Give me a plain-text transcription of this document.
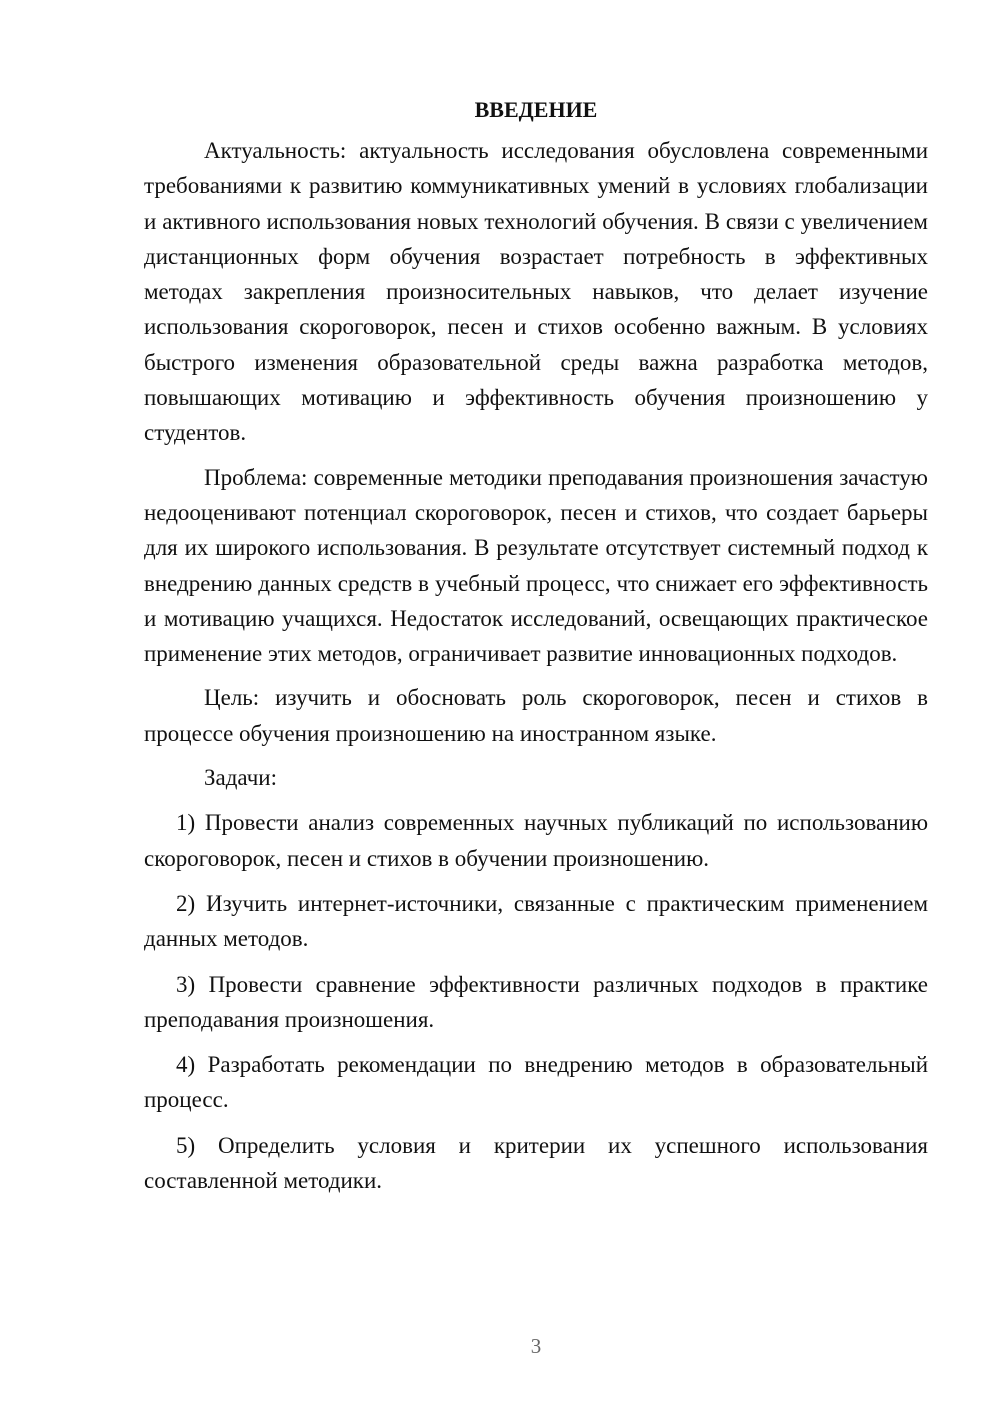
ВВЕДЕНИЕ

Актуальность: актуальность исследования обусловлена современными требованиями к развитию коммуникативных умений в условиях глобализации и активного использования новых технологий обучения. В связи с увеличением дистанционных форм обучения возрастает потребность в эффективных методах закрепления произносительных навыков, что делает изучение использования скороговорок, песен и стихов особенно важным. В условиях быстрого изменения образовательной среды важна разработка методов, повышающих мотивацию и эффективность обучения произношению у студентов.

Проблема: современные методики преподавания произношения зачастую недооценивают потенциал скороговорок, песен и стихов, что создает барьеры для их широкого использования. В результате отсутствует системный подход к внедрению данных средств в учебный процесс, что снижает его эффективность и мотивацию учащихся. Недостаток исследований, освещающих практическое применение этих методов, ограничивает развитие инновационных подходов.

Цель: изучить и обосновать роль скороговорок, песен и стихов в процессе обучения произношению на иностранном языке.

Задачи:

1) Провести анализ современных научных публикаций по использованию скороговорок, песен и стихов в обучении произношению.

2) Изучить интернет-источники, связанные с практическим применением данных методов.

3) Провести сравнение эффективности различных подходов в практике преподавания произношения.

4) Разработать рекомендации по внедрению методов в образовательный процесс.

5) Определить условия и критерии их успешного использования составленной методики.

3
